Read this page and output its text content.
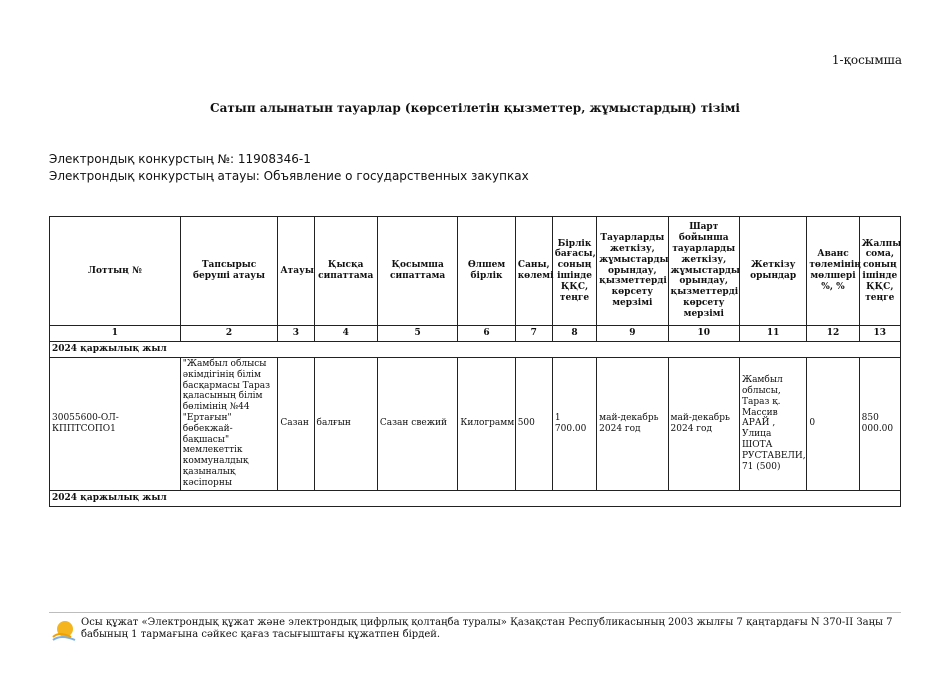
1-қосымша
Сатып алынатын тауарлар (көрсетілетін қызметтер, жұмыстардың) тізімі
Электрондық конкурстың №: 11908346-1
Электрондық конкурстың атауы: Объявление о государственных закупках
Лоттың №	Тапсырыс беруші атауы	Атауы	Қысқа сипаттама	Қосымша сипаттама	Өлшем бірлік	Саны, көлемі	Бірлік бағасы, соның ішінде ҚҚС, теңге	Тауарларды жеткізу, жұмыстарды орындау, қызметтерді көрсету мерзімі	Шарт бойынша тауарларды жеткізу, жұмыстарды орындау, қызметтерді көрсету мерзімі	Жеткізу орындар	Аванс төлемінің мөлшері %, %	Жалпы сома, соның ішінде ҚҚС, теңге
1	2	3	4	5	6	7	8	9	10	11	12	13
2024 қаржылық жыл												
30055600-ОЛ-КППТСОПО1	"Жамбыл облысы әкімдігінің білім басқармасы Тараз қаласының білім бөлімінің №44 "Ертағын" бөбекжай-бақшасы" мемлекеттік коммуналдық қазыналық кәсіпорны	Сазан	балғын	Сазан свежий	Килограмм	500	1 700.00	май-декабрь 2024 год	май-декабрь 2024 год	Жамбыл облысы, Тараз қ. Массив АРАЙ , Улица ШОТА РУСТАВЕЛИ, 71 (500)	0	850 000.00
2024 қаржылық жыл												
Осы құжат «Электрондық құжат және электрондық цифрлық қолтаңба туралы» Қазақстан Республикасының 2003 жылғы 7 қаңтардағы N 370-II Заңы 7 бабының 1 тармағына сәйкес қағаз тасығыштағы құжатпен бірдей.
